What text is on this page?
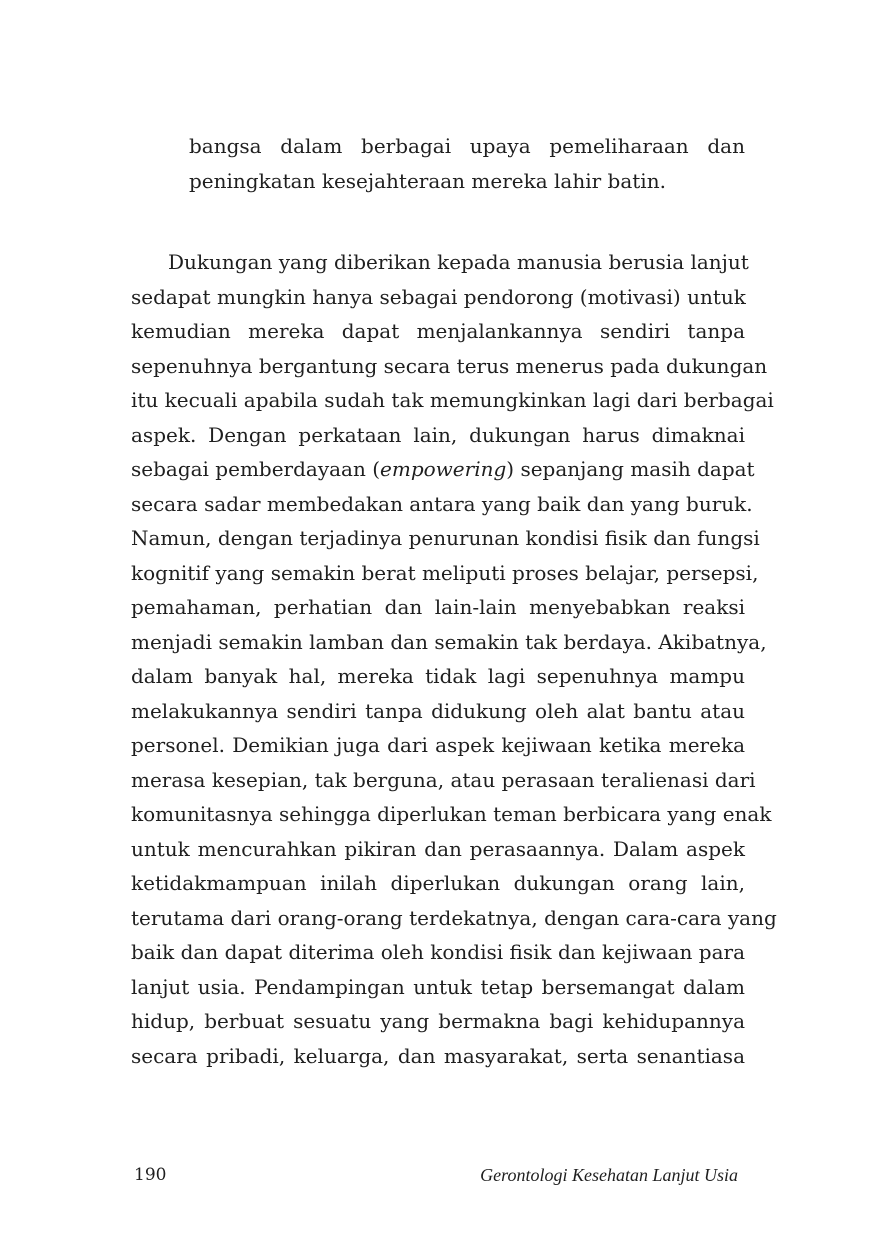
bangsa dalam berbagai upaya pemeliharaan dan
peningkatan kesejahteraan mereka lahir batin.
Dukungan yang diberikan kepada manusia berusia lanjut
sedapat mungkin hanya sebagai pendorong (motivasi) untuk
kemudian mereka dapat menjalankannya sendiri tanpa
sepenuhnya bergantung secara terus menerus pada dukungan
itu kecuali apabila sudah tak memungkinkan lagi dari berbagai
aspek. Dengan perkataan lain, dukungan harus dimaknai
sebagai pemberdayaan (empowering) sepanjang masih dapat
secara sadar membedakan antara yang baik dan yang buruk.
Namun, dengan terjadinya penurunan kondisi fisik dan fungsi
kognitif yang semakin berat meliputi proses belajar, persepsi,
pemahaman, perhatian dan lain-lain menyebabkan reaksi
menjadi semakin lamban dan semakin tak berdaya. Akibatnya,
dalam banyak hal, mereka tidak lagi sepenuhnya mampu
melakukannya sendiri tanpa didukung oleh alat bantu atau
personel. Demikian juga dari aspek kejiwaan ketika mereka
merasa kesepian, tak berguna, atau perasaan teralienasi dari
komunitasnya sehingga diperlukan teman berbicara yang enak
untuk mencurahkan pikiran dan perasaannya. Dalam aspek
ketidakmampuan inilah diperlukan dukungan orang lain,
terutama dari orang-orang terdekatnya, dengan cara-cara yang
baik dan dapat diterima oleh kondisi fisik dan kejiwaan para
lanjut usia. Pendampingan untuk tetap bersemangat dalam
hidup, berbuat sesuatu yang bermakna bagi kehidupannya
secara pribadi, keluarga, dan masyarakat, serta senantiasa
190	Gerontologi Kesehatan Lanjut Usia
